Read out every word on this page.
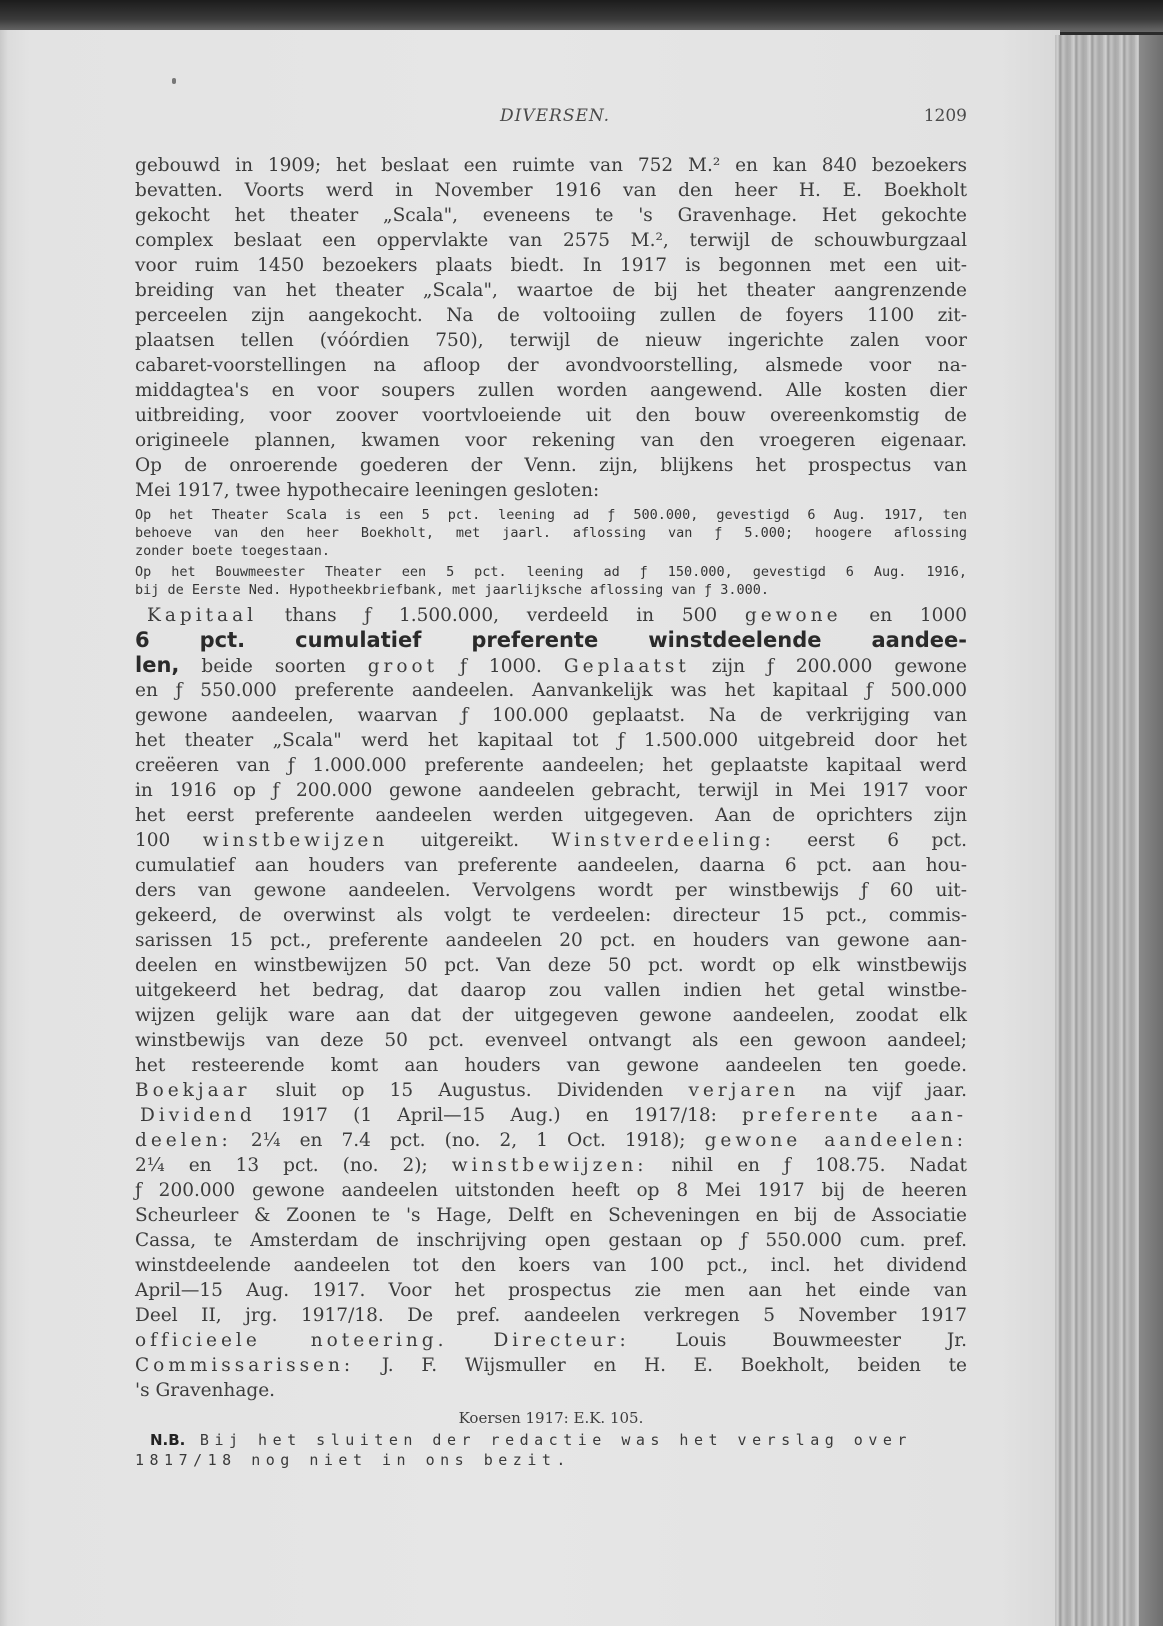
DIVERSEN.	1209
gebouwd in 1909; het beslaat een ruimte van 752 M.² en kan 840 bezoekers
bevatten. Voorts werd in November 1916 van den heer H. E. Boekholt
gekocht het theater „Scala", eveneens te 's Gravenhage. Het gekochte
complex beslaat een oppervlakte van 2575 M.², terwijl de schouwburgzaal
voor ruim 1450 bezoekers plaats biedt. In 1917 is begonnen met een uit-
breiding van het theater „Scala", waartoe de bij het theater aangrenzende
perceelen zijn aangekocht. Na de voltooiing zullen de foyers 1100 zit-
plaatsen tellen (vóórdien 750), terwijl de nieuw ingerichte zalen voor
cabaret-voorstellingen na afloop der avondvoorstelling, alsmede voor na-
middagtea's en voor soupers zullen worden aangewend. Alle kosten dier
uitbreiding, voor zoover voortvloeiende uit den bouw overeenkomstig de
origineele plannen, kwamen voor rekening van den vroegeren eigenaar.
Op de onroerende goederen der Venn. zijn, blijkens het prospectus van
Mei 1917, twee hypothecaire leeningen gesloten:
Op het Theater Scala is een 5 pct. leening ad ƒ 500.000, gevestigd 6 Aug. 1917, ten
behoeve van den heer Boekholt, met jaarl. aflossing van ƒ 5.000; hoogere aflossing
zonder boete toegestaan.
Op het Bouwmeester Theater een 5 pct. leening ad ƒ 150.000, gevestigd 6 Aug. 1916,
bij de Eerste Ned. Hypotheekbriefbank, met jaarlijksche aflossing van ƒ 3.000.
Kapitaal thans ƒ 1.500.000, verdeeld in 500 gewone en 1000
6 pct. cumulatief preferente winstdeelende aandee-
len, beide soorten groot ƒ 1000. Geplaatst zijn ƒ 200.000 gewone
en ƒ 550.000 preferente aandeelen. Aanvankelijk was het kapitaal ƒ 500.000
gewone aandeelen, waarvan ƒ 100.000 geplaatst. Na de verkrijging van
het theater „Scala" werd het kapitaal tot ƒ 1.500.000 uitgebreid door het
creëeren van ƒ 1.000.000 preferente aandeelen; het geplaatste kapitaal werd
in 1916 op ƒ 200.000 gewone aandeelen gebracht, terwijl in Mei 1917 voor
het eerst preferente aandeelen werden uitgegeven. Aan de oprichters zijn
100 winstbewijzen uitgereikt. Winstverdeeling: eerst 6 pct.
cumulatief aan houders van preferente aandeelen, daarna 6 pct. aan hou-
ders van gewone aandeelen. Vervolgens wordt per winstbewijs ƒ 60 uit-
gekeerd, de overwinst als volgt te verdeelen: directeur 15 pct., commis-
sarissen 15 pct., preferente aandeelen 20 pct. en houders van gewone aan-
deelen en winstbewijzen 50 pct. Van deze 50 pct. wordt op elk winstbewijs
uitgekeerd het bedrag, dat daarop zou vallen indien het getal winstbe-
wijzen gelijk ware aan dat der uitgegeven gewone aandeelen, zoodat elk
winstbewijs van deze 50 pct. evenveel ontvangt als een gewoon aandeel;
het resteerende komt aan houders van gewone aandeelen ten goede.
Boekjaar sluit op 15 Augustus. Dividenden verjaren na vijf jaar.
Dividend 1917 (1 April—15 Aug.) en 1917/18: preferente aan-
deelen: 2¼ en 7.4 pct. (no. 2, 1 Oct. 1918); gewone aandeelen:
2¼ en 13 pct. (no. 2); winstbewijzen: nihil en ƒ 108.75. Nadat
ƒ 200.000 gewone aandeelen uitstonden heeft op 8 Mei 1917 bij de heeren
Scheurleer & Zoonen te 's Hage, Delft en Scheveningen en bij de Associatie
Cassa, te Amsterdam de inschrijving open gestaan op ƒ 550.000 cum. pref.
winstdeelende aandeelen tot den koers van 100 pct., incl. het dividend
April—15 Aug. 1917. Voor het prospectus zie men aan het einde van
Deel II, jrg. 1917/18. De pref. aandeelen verkregen 5 November 1917
officieele notеering. Directeur: Louis Bouwmeester Jr.
Commissarissen: J. F. Wijsmuller en H. E. Boekholt, beiden te
's Gravenhage.
Koersen 1917: E.K. 105.
N.B. Bij het sluiten der redactie was het verslag over
1817/18 nog niet in ons bezit.
